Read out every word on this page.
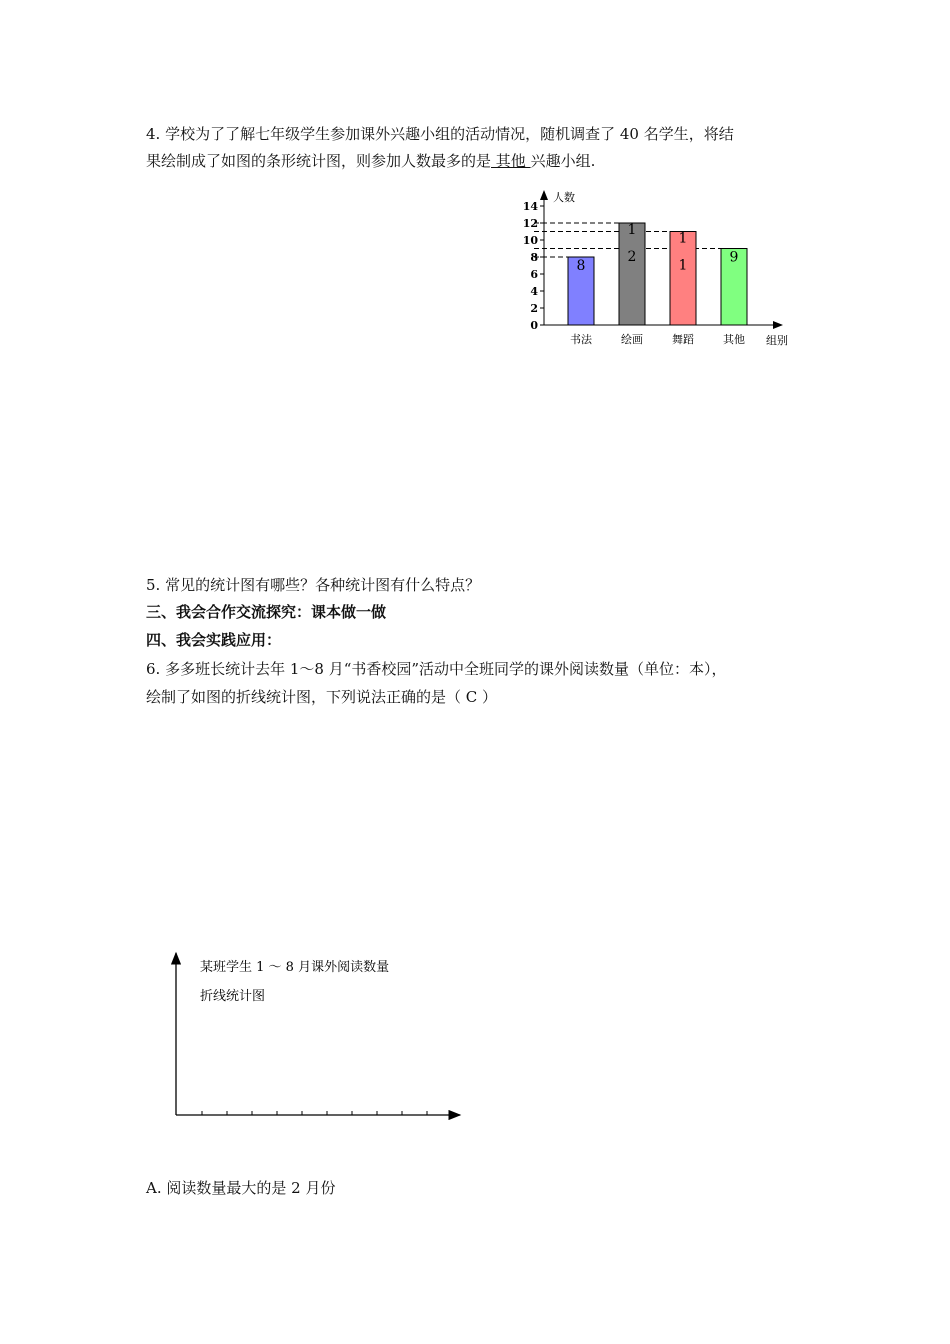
4. 学校为了了解七年级学生参加课外兴趣小组的活动情况，随机调查了 40 名学生，将结
果绘制成了如图的条形统计图，则参加人数最多的是 其他 兴趣小组.
8
1
2
1
1	9
0
2
4
6
8
10
12
14
书法	绘画	舞蹈	其他
人数
组别
5. 常见的统计图有哪些？各种统计图有什么特点？
三、我会合作交流探究：课本做一做
四、我会实践应用：
6. 多多班长统计去年 1～8 月“书香校园”活动中全班同学的课外阅读数量（单位：本），
绘制了如图的折线统计图，下列说法正确的是（ C ）
某班学生 1 ～ 8 月课外阅读数量
折线统计图
A. 阅读数量最大的是 2 月份
